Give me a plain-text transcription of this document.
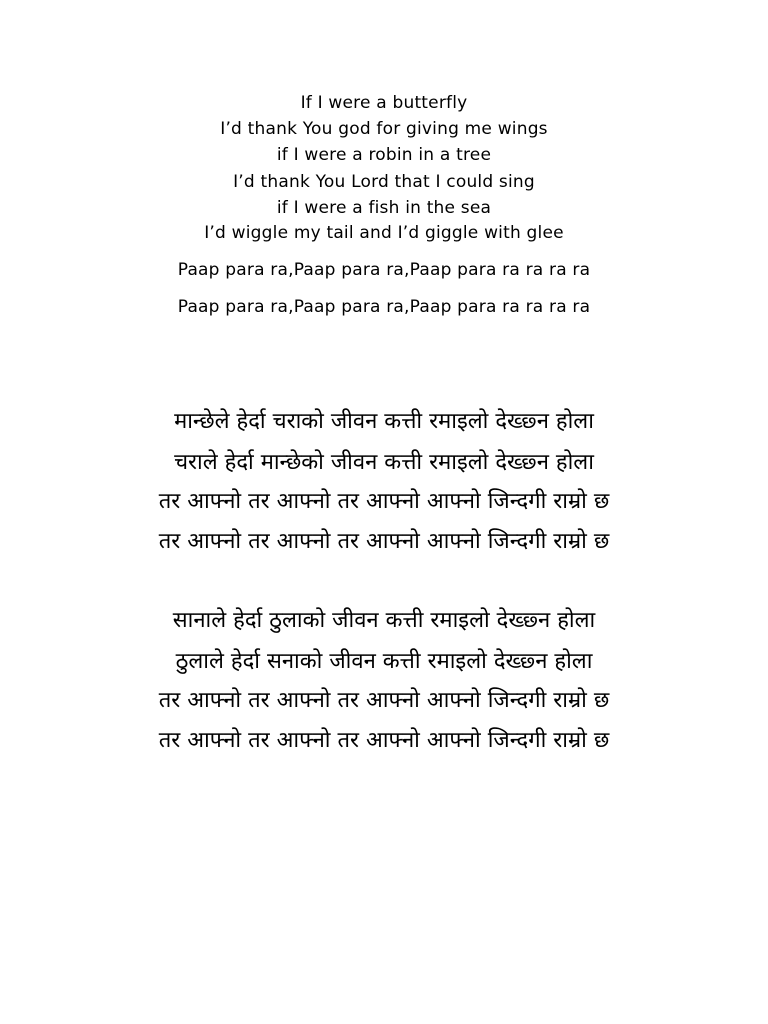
If I were a butterfly
I’d thank You god for giving me wings
if I were a robin in a tree
I’d thank You Lord that I could sing
if I were a fish in the sea
I’d wiggle my tail and I’d giggle with glee
Paap para ra,Paap para ra,Paap para ra ra ra ra
Paap para ra,Paap para ra,Paap para ra ra ra ra
मान्छेले हेर्दा चराको जीवन कत्ती रमाइलो देख्छ्न होला
चराले हेर्दा मान्छेको जीवन कत्ती रमाइलो देख्छ्न होला
तर आफ्नो तर आफ्नो तर आफ्नो आफ्नो जिन्दगी राम्रो छ
तर आफ्नो तर आफ्नो तर आफ्नो आफ्नो जिन्दगी राम्रो छ
सानाले हेर्दा ठुलाको जीवन कत्ती रमाइलो देख्छ्न होला
ठुलाले हेर्दा सनाको जीवन कत्ती रमाइलो देख्छ्न होला
तर आफ्नो तर आफ्नो तर आफ्नो आफ्नो जिन्दगी राम्रो छ
तर आफ्नो तर आफ्नो तर आफ्नो आफ्नो जिन्दगी राम्रो छ
